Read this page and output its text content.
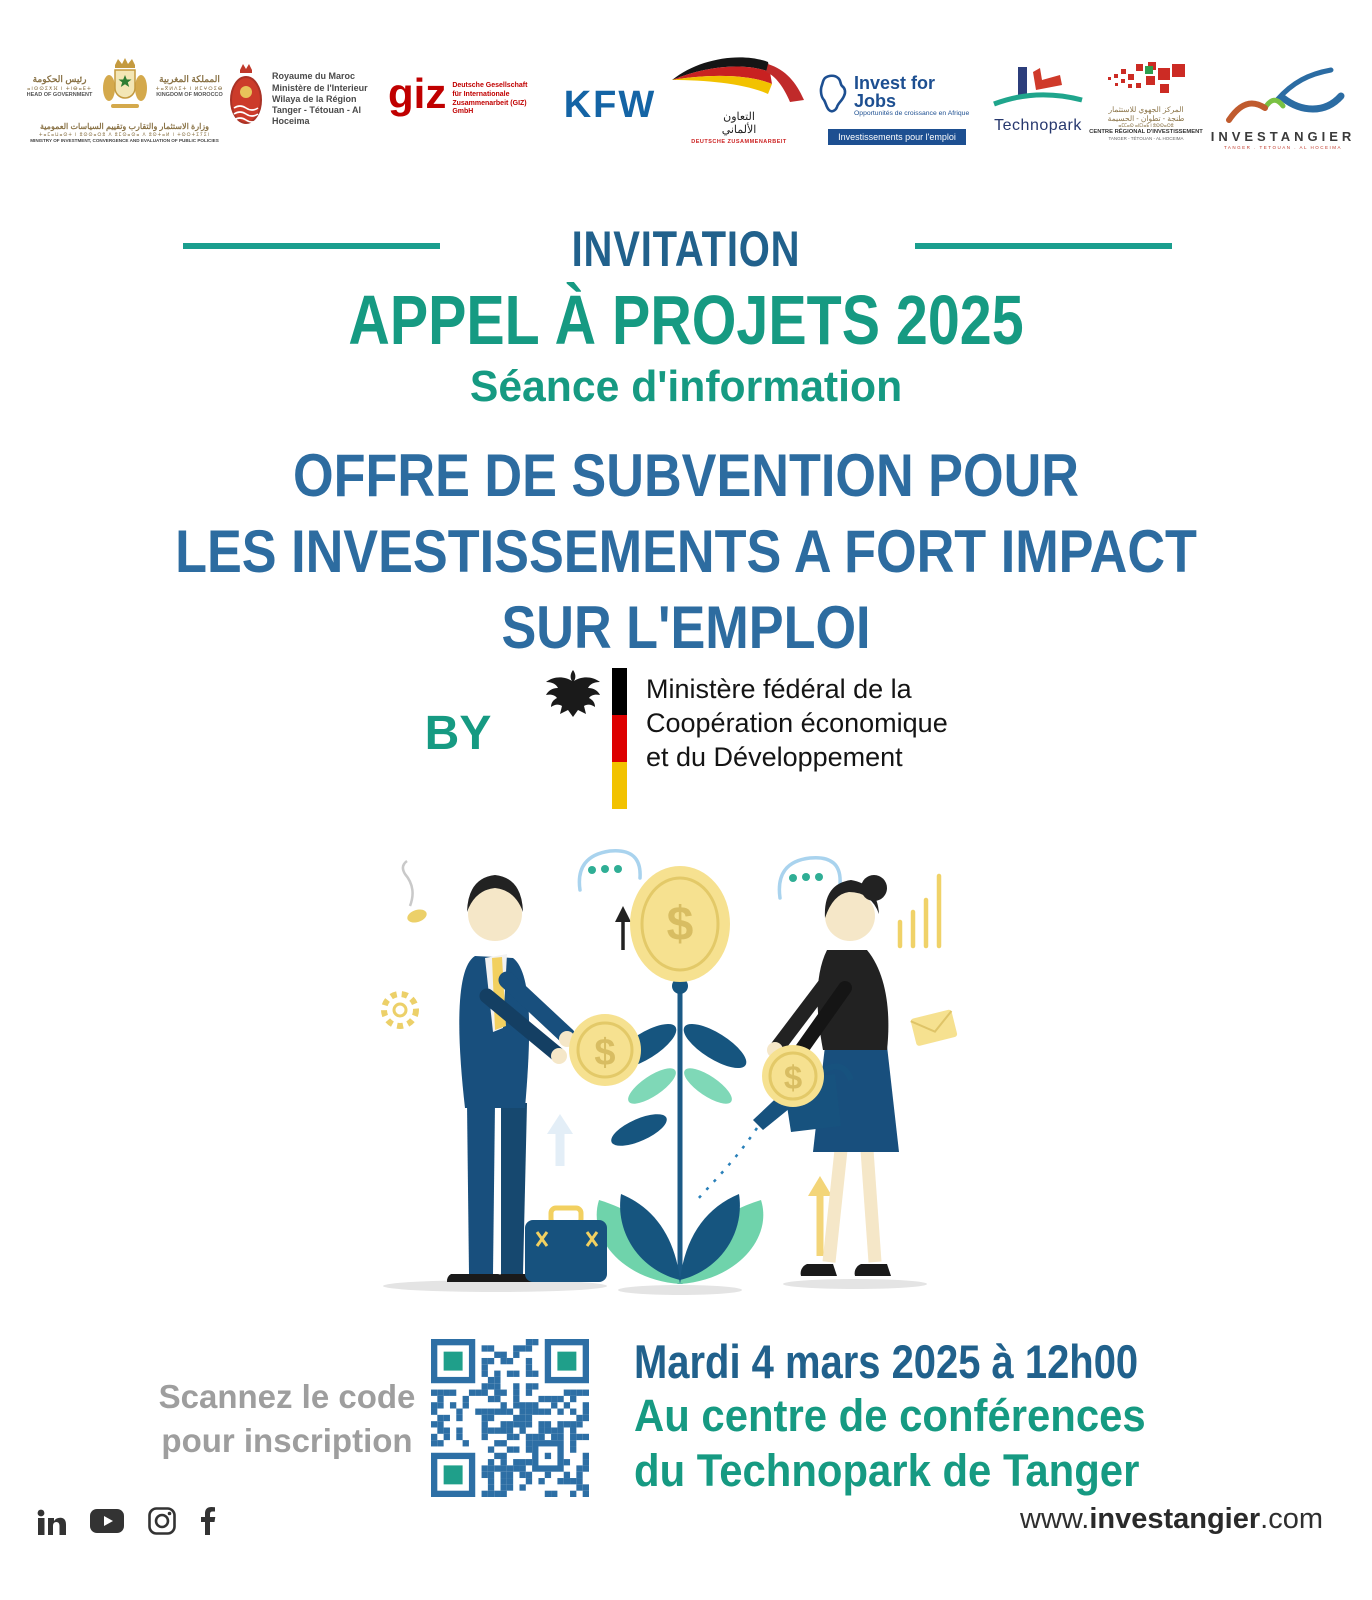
رئيس الحكومة
ⴰⵏⵙⵙⵉⵅⴼ ⵏ ⵜⵏⴱⴰⴹⵜ
HEAD OF GOVERNMENT
المملكة المغربية
ⵜⴰⴳⵍⴷⵉⵜ ⵏ ⵍⵎⵖⵔⵉⴱ
KINGDOM OF MOROCCO
وزارة الاستثمار والتقارب وتقييم السياسات العمومية
ⵜⴰⵎⴰⵡⴰⵙⵜ ⵏ ⵓⵙⵙⴰⵔⵓ ⴷ ⵓⵎⵙⴰⵙⴰ ⴷ ⵓⵙⵜⴰⵍ ⵏ ⵜⵙⵔⵜⵉⵢⵉⵏ
MINISTRY OF INVESTMENT, CONVERGENCE AND EVALUATION OF PUBLIC POLICIES
Royaume du Maroc
Ministère de l'Interieur
Wilaya de la Région
Tanger - Tétouan - Al Hoceima
giz Deutsche Gesellschaft
für Internationale
Zusammenarbeit (GIZ) GmbH	KFW	التعاون
الألماني
DEUTSCHE ZUSAMMENARBEIT
Invest for Jobs
Opportunités de croissance en Afrique
Investissements pour l'emploi
Technopark
المركز الجهوي للاستثمار
طنجة - تطوان - الحسيمة
ⴰⵎⵎⴰⵙ ⴰⵏⵎⵏⴰⴹ ⵏ ⵓⵙⵙⴰⵔⵓ
CENTRE RÉGIONAL D'INVESTISSEMENT
TANGER - TÉTOUAN - AL HOCEIMA INVESTANGIER
TANGER . TETOUAN . AL HOCEIMA
INVITATION
APPEL À PROJETS 2025
Séance d'information
OFFRE DE SUBVENTION POUR
LES INVESTISSEMENTS A FORT IMPACT
SUR L'EMPLOI
BY
Ministère fédéral de la
Coopération économique
et du Développement
$
$
$
Scannez le code
pour inscription
Mardi 4 mars 2025 à 12h00
Au centre de conférences
du Technopark de Tanger
www.investangier.com
